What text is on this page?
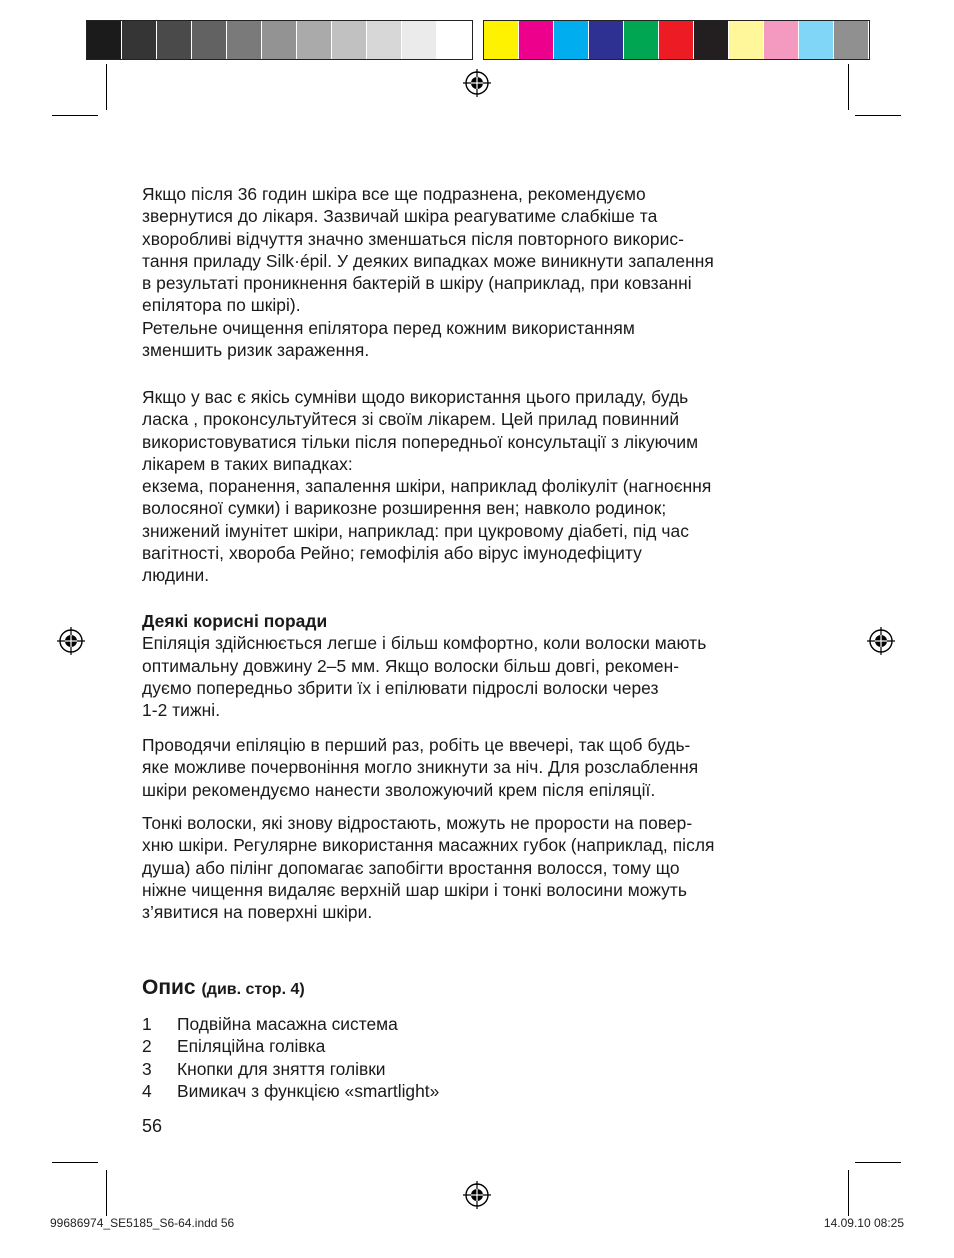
Якщо після 36 годин шкіра все ще подразнена, рекомендуємо
звернутися до лікаря. Зазвичай шкіра реагуватиме слабкіше та
хворобливі відчуття значно зменшаться після повторного викорис-
тання приладу Silk·épil. У деяких випадках може виникнути запалення
в результаті проникнення бактерій в шкіру (наприклад, при ковзанні
епілятора по шкірі).
Ретельне очищення епілятора перед кожним використанням
зменшить ризик зараження.

Якщо у вас є якісь сумніви щодо використання цього приладу, будь
ласка , проконсультуйтеся зі своїм лікарем. Цей прилад повинний
використовуватися тільки після попередньої консультації з лікуючим
лікарем в таких випадках:
екзема, поранення, запалення шкіри, наприклад фолікуліт (нагноєння
волосяної сумки) і варикозне розширення вен; навколо родинок;
знижений імунітет шкіри, наприклад: при цукровому діабеті, під час
вагітності, хвороба Рейно; гемофілія або вірус імунодефіциту
людини.

Деякі корисні поради

Епіляція здійснюється легше і більш комфортно, коли волоски мають
оптимальну довжину 2–5 мм. Якщо волоски більш довгі, рекомен-
дуємо попередньо збрити їх і епілювати підрослі волоски через
1-2 тижні.

Проводячи епіляцію в перший раз, робіть це ввечері, так щоб будь-
яке можливе почервоніння могло зникнути за ніч. Для розслаблення
шкіри рекомендуємо нанести зволожуючий крем після епіляції.

Тонкі волоски, які знову відростають, можуть не прорости на повер-
хню шкіри. Регулярне використання масажних губок (наприклад, після
душа) або пілінг допомагає запобігти вростання волосся, тому що
ніжне чищення видаляє верхній шар шкіри і тонкі волосини можуть
з’явитися на поверхні шкіри.

Опис (див. стор. 4)
1	Подвійна масажна система
2	Епіляційна голівка
3	Кнопки для зняття голівки
4	Вимикач з функцією «smartlight»
56
99686974_SE5185_S6-64.indd 56	14.09.10 08:25
